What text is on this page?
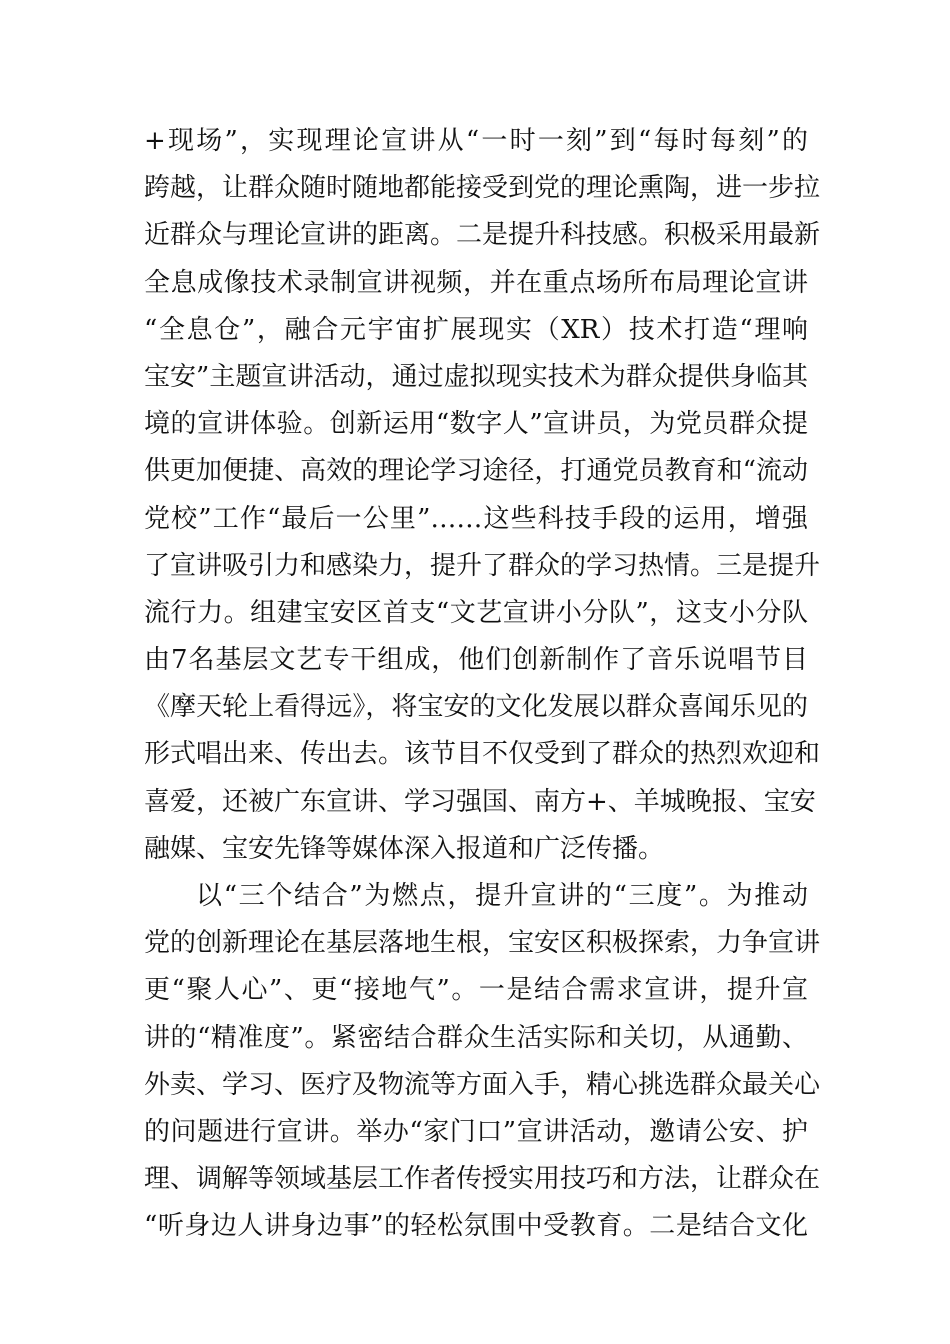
+现场”，实现理论宣讲从“一时一刻”到“每时每刻”的
跨越，让群众随时随地都能接受到党的理论熏陶，进一步拉
近群众与理论宣讲的距离。二是提升科技感。积极采用最新
全息成像技术录制宣讲视频，并在重点场所布局理论宣讲
“全息仓”，融合元宇宙扩展现实（XR）技术打造“理响
宝安”主题宣讲活动，通过虚拟现实技术为群众提供身临其
境的宣讲体验。创新运用“数字人”宣讲员，为党员群众提
供更加便捷、高效的理论学习途径，打通党员教育和“流动
党校”工作“最后一公里”……这些科技手段的运用，增强
了宣讲吸引力和感染力，提升了群众的学习热情。三是提升
流行力。组建宝安区首支“文艺宣讲小分队”，这支小分队
由7名基层文艺专干组成，他们创新制作了音乐说唱节目
《摩天轮上看得远》，将宝安的文化发展以群众喜闻乐见的
形式唱出来、传出去。该节目不仅受到了群众的热烈欢迎和
喜爱，还被广东宣讲、学习强国、南方+、羊城晚报、宝安
融媒、宝安先锋等媒体深入报道和广泛传播。
以“三个结合”为燃点，提升宣讲的“三度”。为推动
党的创新理论在基层落地生根，宝安区积极探索，力争宣讲
更“聚人心”、更“接地气”。一是结合需求宣讲，提升宣
讲的“精准度”。紧密结合群众生活实际和关切，从通勤、
外卖、学习、医疗及物流等方面入手，精心挑选群众最关心
的问题进行宣讲。举办“家门口”宣讲活动，邀请公安、护
理、调解等领域基层工作者传授实用技巧和方法，让群众在
“听身边人讲身边事”的轻松氛围中受教育。二是结合文化
